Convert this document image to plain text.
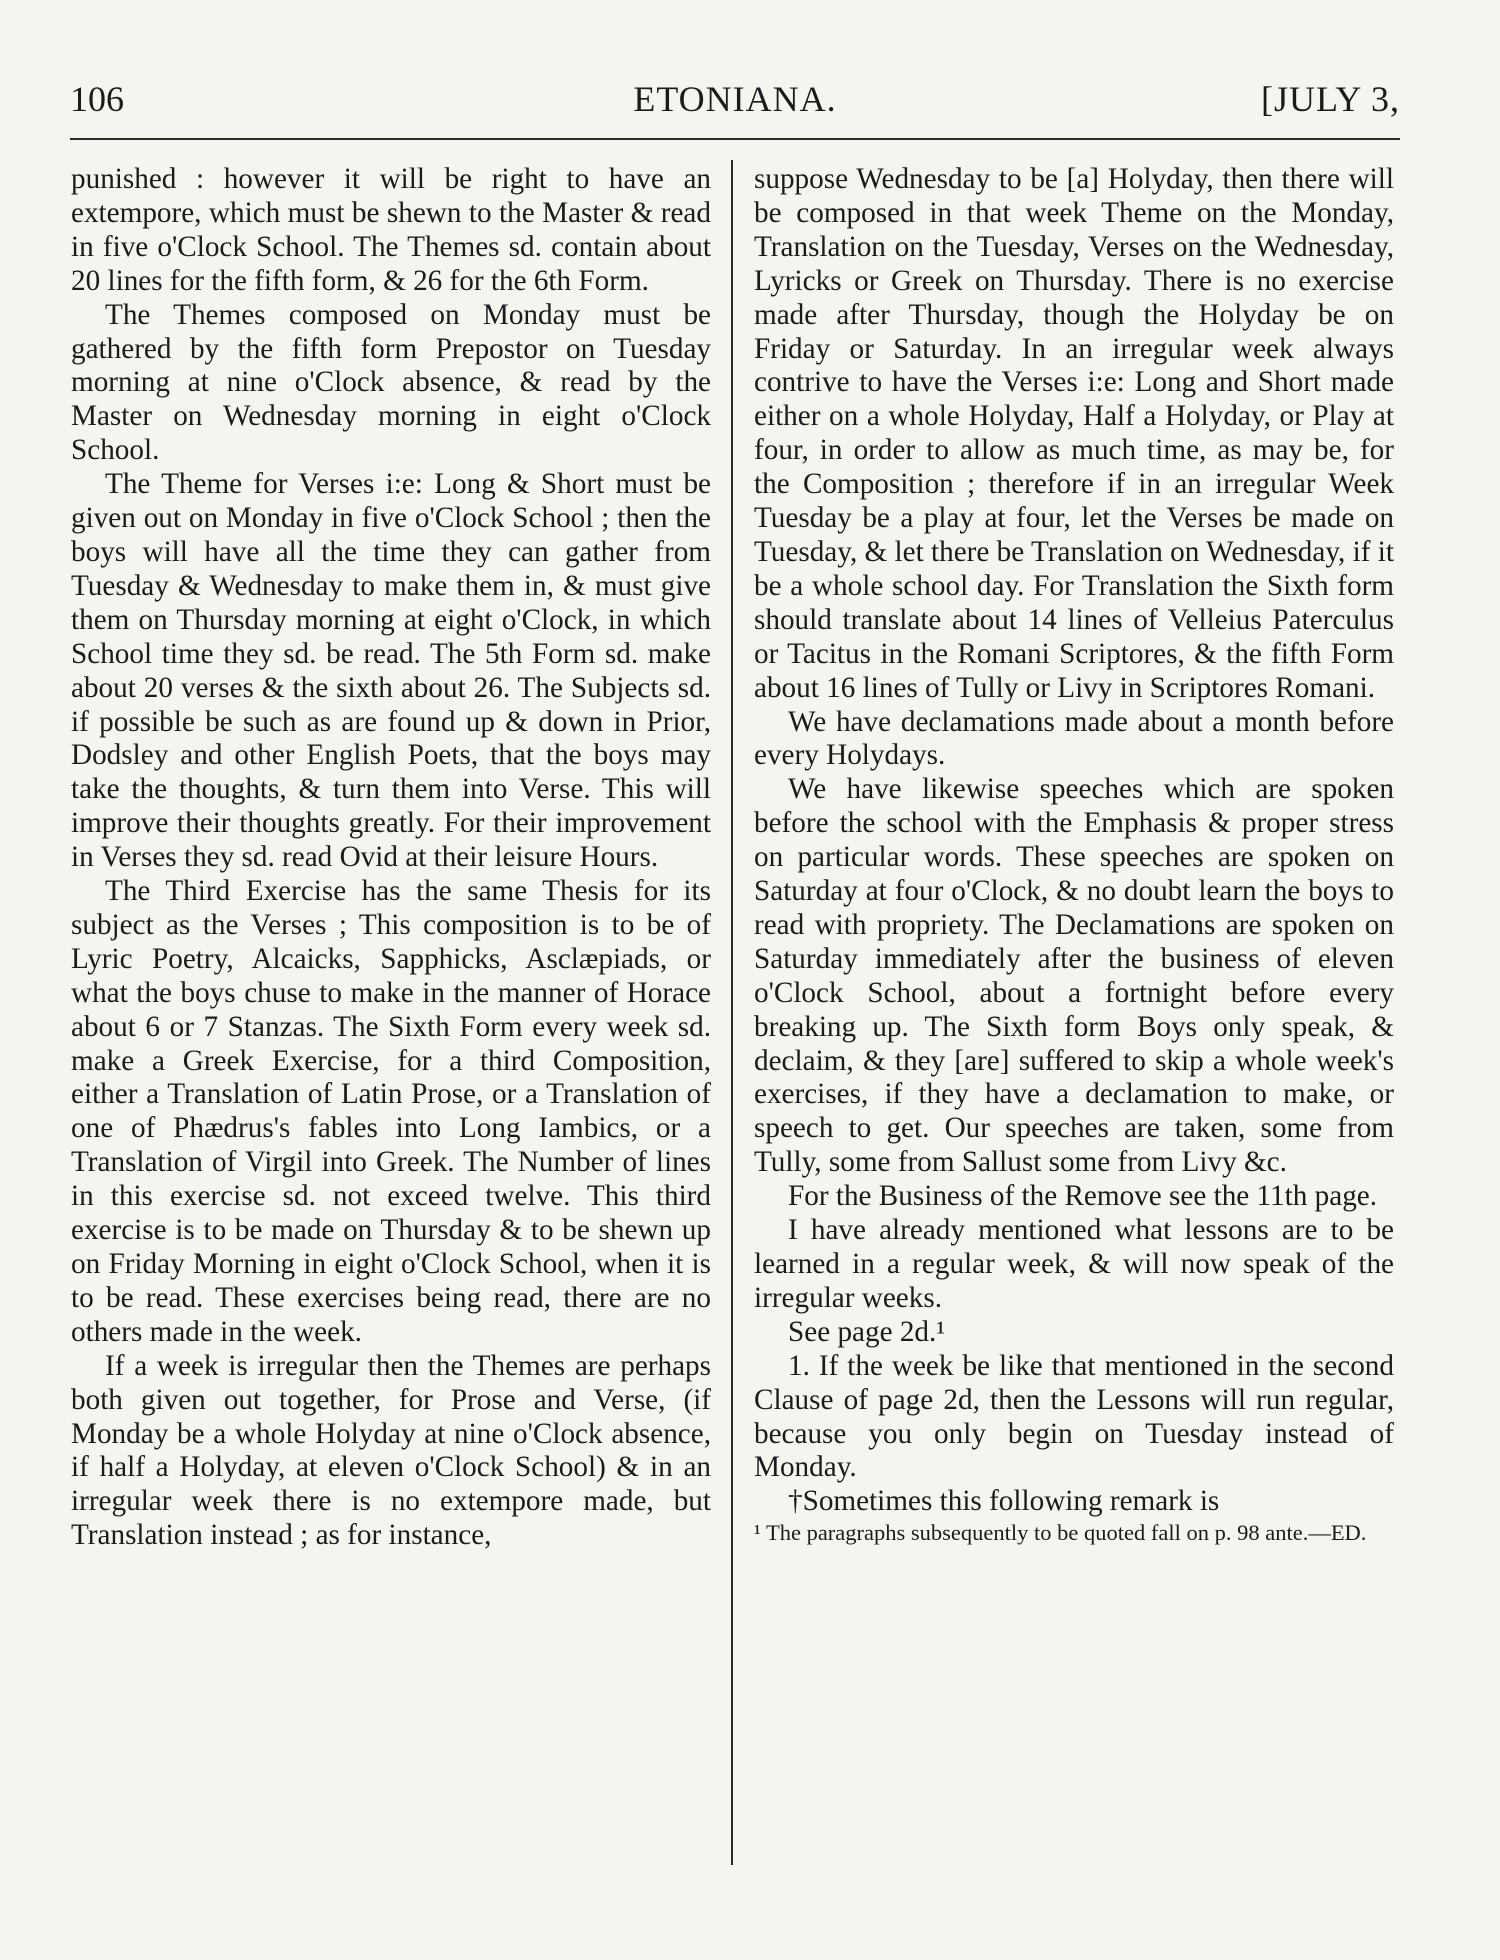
106	ETONIANA.	[JULY 3,

punished : however it will be right to have an extempore, which must be shewn to the Master & read in five o'Clock School. The Themes sd. contain about 20 lines for the fifth form, & 26 for the 6th Form.

The Themes composed on Monday must be gathered by the fifth form Prepostor on Tuesday morning at nine o'Clock absence, & read by the Master on Wednesday morning in eight o'Clock School.

The Theme for Verses i:e: Long & Short must be given out on Monday in five o'Clock School ; then the boys will have all the time they can gather from Tuesday & Wednesday to make them in, & must give them on Thursday morning at eight o'Clock, in which School time they sd. be read. The 5th Form sd. make about 20 verses & the sixth about 26. The Subjects sd. if possible be such as are found up & down in Prior, Dodsley and other English Poets, that the boys may take the thoughts, & turn them into Verse. This will improve their thoughts greatly. For their improvement in Verses they sd. read Ovid at their leisure Hours.

The Third Exercise has the same Thesis for its subject as the Verses ; This composition is to be of Lyric Poetry, Alcaicks, Sapphicks, Asclæpiads, or what the boys chuse to make in the manner of Horace about 6 or 7 Stanzas. The Sixth Form every week sd. make a Greek Exercise, for a third Composition, either a Translation of Latin Prose, or a Translation of one of Phædrus's fables into Long Iambics, or a Translation of Virgil into Greek. The Number of lines in this exercise sd. not exceed twelve. This third exercise is to be made on Thursday & to be shewn up on Friday Morning in eight o'Clock School, when it is to be read. These exercises being read, there are no others made in the week.

If a week is irregular then the Themes are perhaps both given out together, for Prose and Verse, (if Monday be a whole Holyday at nine o'Clock absence, if half a Holyday, at eleven o'Clock School) & in an irregular week there is no extempore made, but Translation instead ; as for instance,

suppose Wednesday to be [a] Holyday, then there will be composed in that week Theme on the Monday, Translation on the Tuesday, Verses on the Wednesday, Lyricks or Greek on Thursday. There is no exercise made after Thursday, though the Holyday be on Friday or Saturday. In an irregular week always contrive to have the Verses i:e: Long and Short made either on a whole Holyday, Half a Holyday, or Play at four, in order to allow as much time, as may be, for the Composition ; therefore if in an irregular Week Tuesday be a play at four, let the Verses be made on Tuesday, & let there be Translation on Wednesday, if it be a whole school day. For Translation the Sixth form should translate about 14 lines of Velleius Paterculus or Tacitus in the Romani Scriptores, & the fifth Form about 16 lines of Tully or Livy in Scriptores Romani.

We have declamations made about a month before every Holydays.

We have likewise speeches which are spoken before the school with the Emphasis & proper stress on particular words. These speeches are spoken on Saturday at four o'Clock, & no doubt learn the boys to read with propriety. The Declamations are spoken on Saturday immediately after the business of eleven o'Clock School, about a fortnight before every breaking up. The Sixth form Boys only speak, & declaim, & they [are] suffered to skip a whole week's exercises, if they have a declamation to make, or speech to get. Our speeches are taken, some from Tully, some from Sallust some from Livy &c.

For the Business of the Remove see the 11th page.

I have already mentioned what lessons are to be learned in a regular week, & will now speak of the irregular weeks.

See page 2d.¹

1. If the week be like that mentioned in the second Clause of page 2d, then the Lessons will run regular, because you only begin on Tuesday instead of Monday.

†Sometimes this following remark is

¹ The paragraphs subsequently to be quoted fall on p. 98 ante.—ED.
